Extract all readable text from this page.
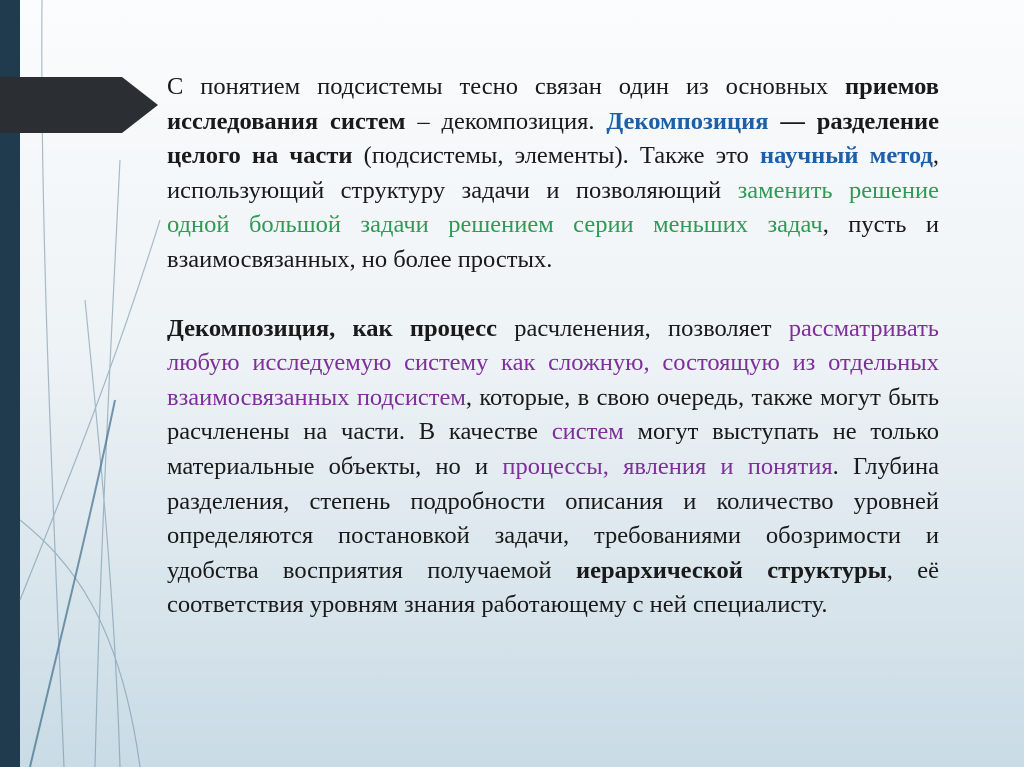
С понятием подсистемы тесно связан один из основных приемов исследования систем – декомпозиция. Декомпозиция — разделение целого на части (подсистемы, элементы). Также это научный метод, использующий структуру задачи и позволяющий заменить решение одной большой задачи решением серии меньших задач, пусть и взаимосвязанных, но более простых.

Декомпозиция, как процесс расчленения, позволяет рассматривать любую исследуемую систему как сложную, состоящую из отдельных взаимосвязанных подсистем, которые, в свою очередь, также могут быть расчленены на части. В качестве систем могут выступать не только материальные объекты, но и процессы, явления и понятия. Глубина разделения, степень подробности описания и количество уровней определяются постановкой задачи, требованиями обозримости и удобства восприятия получаемой иерархической структуры, её соответствия уровням знания работающему с ней специалисту.
